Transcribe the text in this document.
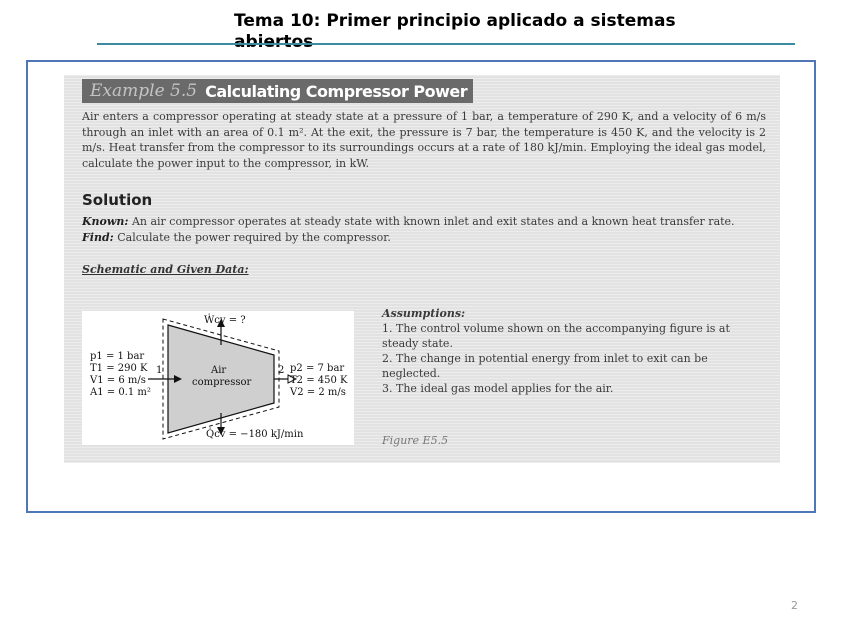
Tema 10: Primer principio aplicado a sistemas abiertos
Example 5.5 Calculating Compressor Power

Air enters a compressor operating at steady state at a pressure of 1 bar, a temperature of 290 K, and a velocity of 6 m/s through an inlet with an area of 0.1 m². At the exit, the pressure is 7 bar, the temperature is 450 K, and the velocity is 2 m/s. Heat transfer from the compressor to its surroundings occurs at a rate of 180 kJ/min. Employing the ideal gas model, calculate the power input to the compressor, in kW.

Solution

Known: An air compressor operates at steady state with known inlet and exit states and a known heat transfer rate.

Find: Calculate the power required by the compressor.

Schematic and Given Data:
Ẇcv = ?
p1 = 1 bar
T1 = 290 K
V1 = 6 m/s
A1 = 0.1 m²
1	Air
compressor
2 p2 = 7 bar
T2 = 450 K
V2 = 2 m/s
Q̇cv = −180 kJ/min

Assumptions:

1. The control volume shown on the accompanying figure is at steady state.

2. The change in potential energy from inlet to exit can be neglected.

3. The ideal gas model applies for the air.

Figure E5.5
2
